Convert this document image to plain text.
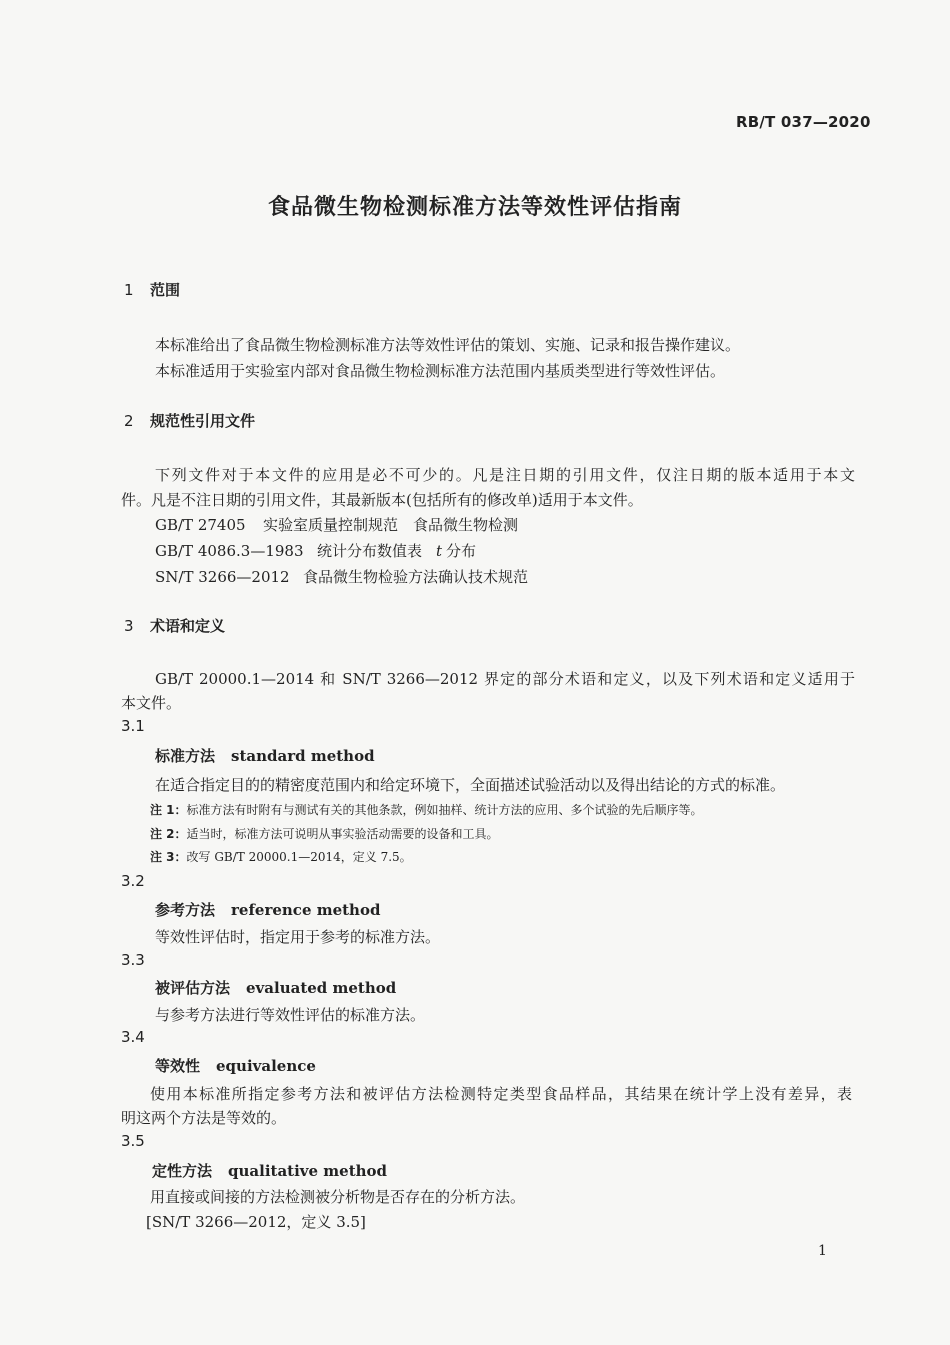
RB/T 037—2020
食品微生物检测标准方法等效性评估指南
1 范围
本标准给出了食品微生物检测标准方法等效性评估的策划、实施、记录和报告操作建议。
本标准适用于实验室内部对食品微生物检测标准方法范围内基质类型进行等效性评估。
2 规范性引用文件
下列文件对于本文件的应用是必不可少的。凡是注日期的引用文件，仅注日期的版本适用于本文
件。凡是不注日期的引用文件，其最新版本(包括所有的修改单)适用于本文件。
GB/T 27405 实验室质量控制规范　食品微生物检测
GB/T 4086.3—1983 统计分布数值表 t 分布
SN/T 3266—2012 食品微生物检验方法确认技术规范
3 术语和定义
GB/T 20000.1—2014 和 SN/T 3266—2012 界定的部分术语和定义，以及下列术语和定义适用于
本文件。
3.1
标准方法 standard method
在适合指定目的的精密度范围内和给定环境下，全面描述试验活动以及得出结论的方式的标准。
注 1：标准方法有时附有与测试有关的其他条款，例如抽样、统计方法的应用、多个试验的先后顺序等。
注 2：适当时，标准方法可说明从事实验活动需要的设备和工具。
注 3：改写 GB/T 20000.1—2014，定义 7.5。
3.2
参考方法 reference method
等效性评估时，指定用于参考的标准方法。
3.3
被评估方法 evaluated method
与参考方法进行等效性评估的标准方法。
3.4
等效性 equivalence
使用本标准所指定参考方法和被评估方法检测特定类型食品样品，其结果在统计学上没有差异，表
明这两个方法是等效的。
3.5
定性方法 qualitative method
用直接或间接的方法检测被分析物是否存在的分析方法。
[SN/T 3266—2012，定义 3.5]
1
